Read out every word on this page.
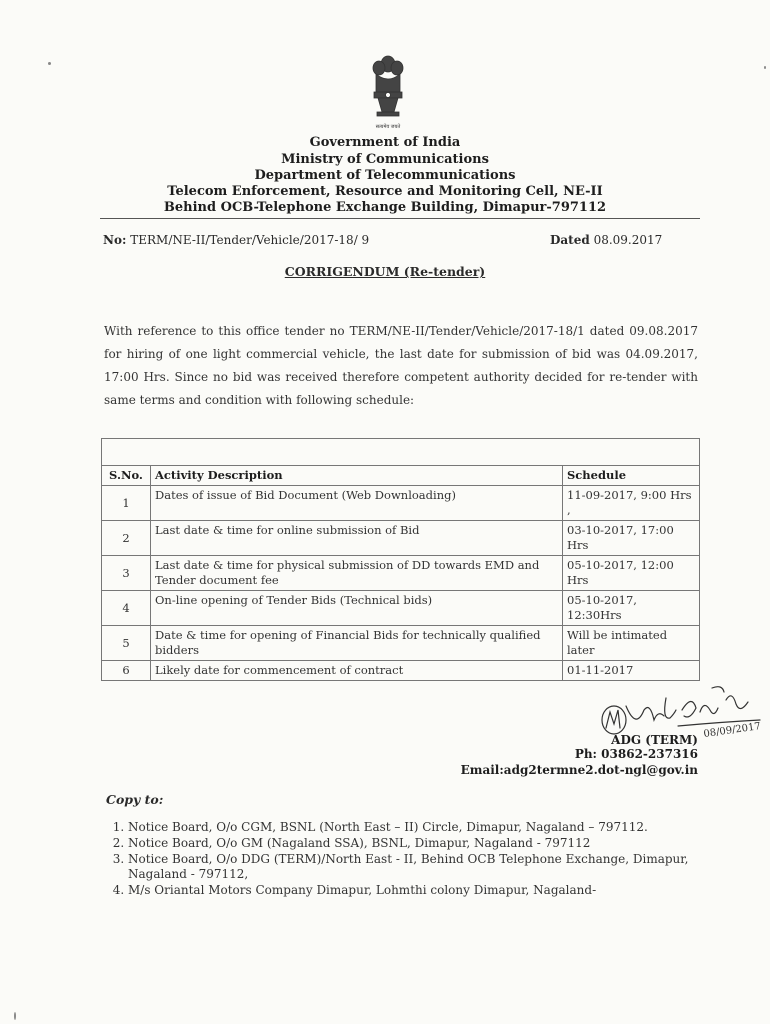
सत्यमेव जयते
Government of India
Ministry of Communications
Department of Telecommunications
Telecom Enforcement, Resource and Monitoring Cell, NE-II
Behind OCB-Telephone Exchange Building, Dimapur-797112
No: TERM/NE-II/Tender/Vehicle/2017-18/ 9	Dated 08.09.2017
CORRIGENDUM (Re-tender)
With reference to this office tender no TERM/NE-II/Tender/Vehicle/2017-18/1 dated 09.08.2017 for hiring of one light commercial vehicle, the last date for submission of bid was 04.09.2017, 17:00 Hrs. Since no bid was received therefore competent authority decided for re-tender with same terms and condition with following schedule:

S.No.	Activity Description	Schedule
1	Dates of issue of Bid Document (Web Downloading)	11-09-2017, 9:00 Hrs ,
2	Last date & time for online submission of Bid	03-10-2017, 17:00 Hrs
3	Last date & time for physical submission of DD towards EMD and Tender document fee	05-10-2017, 12:00 Hrs
4	On-line opening of Tender Bids (Technical bids)	05-10-2017, 12:30Hrs
5	Date & time for opening of Financial Bids for technically qualified bidders	Will be intimated later
6	Likely date for commencement of contract	01-11-2017
08/09/2017
ADG (TERM)
Ph: 03862-237316
Email:adg2termne2.dot-ngl@gov.in
Copy to:
1. Notice Board, O/o CGM, BSNL (North East – II) Circle, Dimapur, Nagaland – 797112.
2. Notice Board, O/o GM (Nagaland SSA), BSNL, Dimapur, Nagaland - 797112
3. Notice Board, O/o DDG (TERM)/North East - II, Behind OCB Telephone Exchange, Dimapur, Nagaland - 797112,
4. M/s Oriantal Motors Company Dimapur, Lohmthi colony Dimapur, Nagaland-
